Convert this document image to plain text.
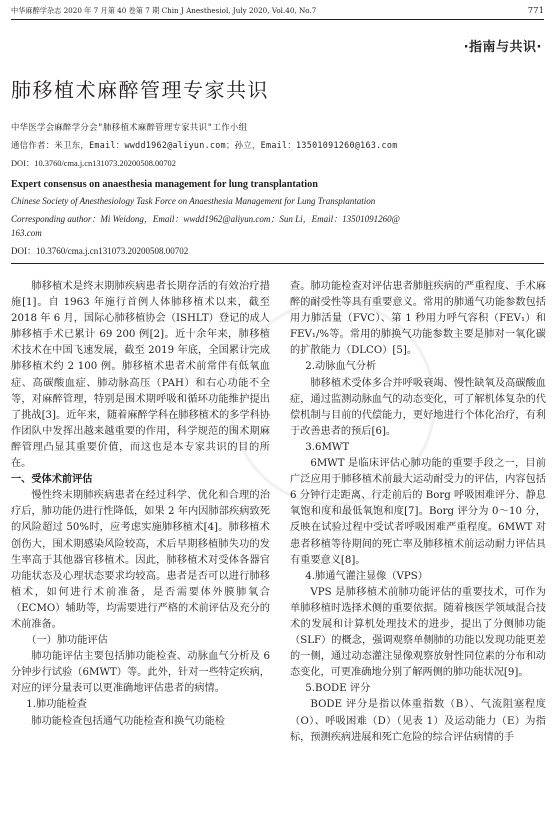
中华麻醉学杂志 2020 年 7 月第 40 卷第 7 期 Chin J Anesthesiol, July 2020, Vol.40, No.7	771
·指南与共识·
肺移植术麻醉管理专家共识
中华医学会麻醉学分会"肺移植术麻醉管理专家共识"工作小组
通信作者：米卫东，Email：wwdd1962@aliyun.com；孙立，Email：13501091260@163.com
DOI：10.3760/cma.j.cn131073.20200508.00702
Expert consensus on anaesthesia management for lung transplantation
Chinese Society of Anesthesiology Task Force on Anaesthesia Management for Lung Transplantation
Corresponding author：Mi Weidong，Email：wwdd1962@aliyun.com；Sun Li，Email：13501091260@
163.com
DOI：10.3760/cma.j.cn131073.20200508.00702

肺移植术是终末期肺疾病患者长期存活的有效治疗措施[1]。自 1963 年施行首例人体肺移植术以来，截至 2018 年 6 月，国际心肺移植协会（ISHLT）登记的成人肺移植手术已累计 69 200 例[2]。近十余年来，肺移植术技术在中国飞速发展，截至 2019 年底，全国累计完成肺移植术约 2 100 例。肺移植术患者术前常伴有低氧血症、高碳酸血症、肺动脉高压（PAH）和右心功能不全等，对麻醉管理，特别是围术期呼吸和循环功能维护提出了挑战[3]。近年来，随着麻醉学科在肺移植术的多学科协作团队中发挥出越来越重要的作用，科学规范的围术期麻醉管理凸显其重要价值，而这也是本专家共识的目的所在。

一、受体术前评估

慢性终末期肺疾病患者在经过科学、优化和合理的治疗后，肺功能仍进行性降低，如果 2 年内因肺部疾病致死的风险超过 50%时，应考虑实施肺移植术[4]。肺移植术创伤大，围术期感染风险较高，术后早期移植肺失功的发生率高于其他器官移植术。因此，肺移植术对受体各器官功能状态及心理状态要求均较高。患者是否可以进行肺移植术，如何进行术前准备，是否需要体外膜肺氧合（ECMO）辅助等，均需要进行严格的术前评估及充分的术前准备。

（一）肺功能评估

肺功能评估主要包括肺功能检查、动脉血气分析及 6 分钟步行试验（6MWT）等。此外，针对一些特定疾病，对应的评分量表可以更准确地评估患者的病情。

1.肺功能检查

肺功能检查包括通气功能检查和换气功能检

查。肺功能检查对评估患者肺脏疾病的严重程度、手术麻醉的耐受性等具有重要意义。常用的肺通气功能参数包括用力肺活量（FVC）、第 1 秒用力呼气容积（FEV₁）和 FEV₁/%等。常用的肺换气功能参数主要是肺对一氧化碳的扩散能力（DLCO）[5]。

2.动脉血气分析

肺移植术受体多合并呼吸衰竭、慢性缺氧及高碳酸血症，通过监测动脉血气的动态变化，可了解机体复杂的代偿机制与目前的代偿能力，更好地进行个体化治疗，有利于改善患者的预后[6]。

3.6MWT

6MWT 是临床评估心肺功能的重要手段之一，目前广泛应用于肺移植术前最大运动耐受力的评估，内容包括 6 分钟行走距离、行走前后的 Borg 呼吸困难评分、静息氧饱和度和最低氧饱和度[7]。Borg 评分为 0～10 分，反映在试验过程中受试者呼吸困难严重程度。6MWT 对患者移植等待期间的死亡率及肺移植术前运动耐力评估具有重要意义[8]。

4.肺通气灌注显像（VPS）

VPS 是肺移植术前肺功能评估的重要技术，可作为单肺移植时选择术侧的重要依据。随着核医学领域混合技术的发展和计算机处理技术的进步，提出了分侧肺功能（SLF）的概念，强调观察单侧肺的功能以发现功能更差的一侧，通过动态灌注显像观察放射性同位素的分布和动态变化，可更准确地分别了解两侧的肺功能状况[9]。

5.BODE 评分

BODE 评分是指以体重指数（B）、气流阻塞程度（O）、呼吸困难（D）（见表 1）及运动能力（E）为指标，预测疾病进展和死亡危险的综合评估病情的手
